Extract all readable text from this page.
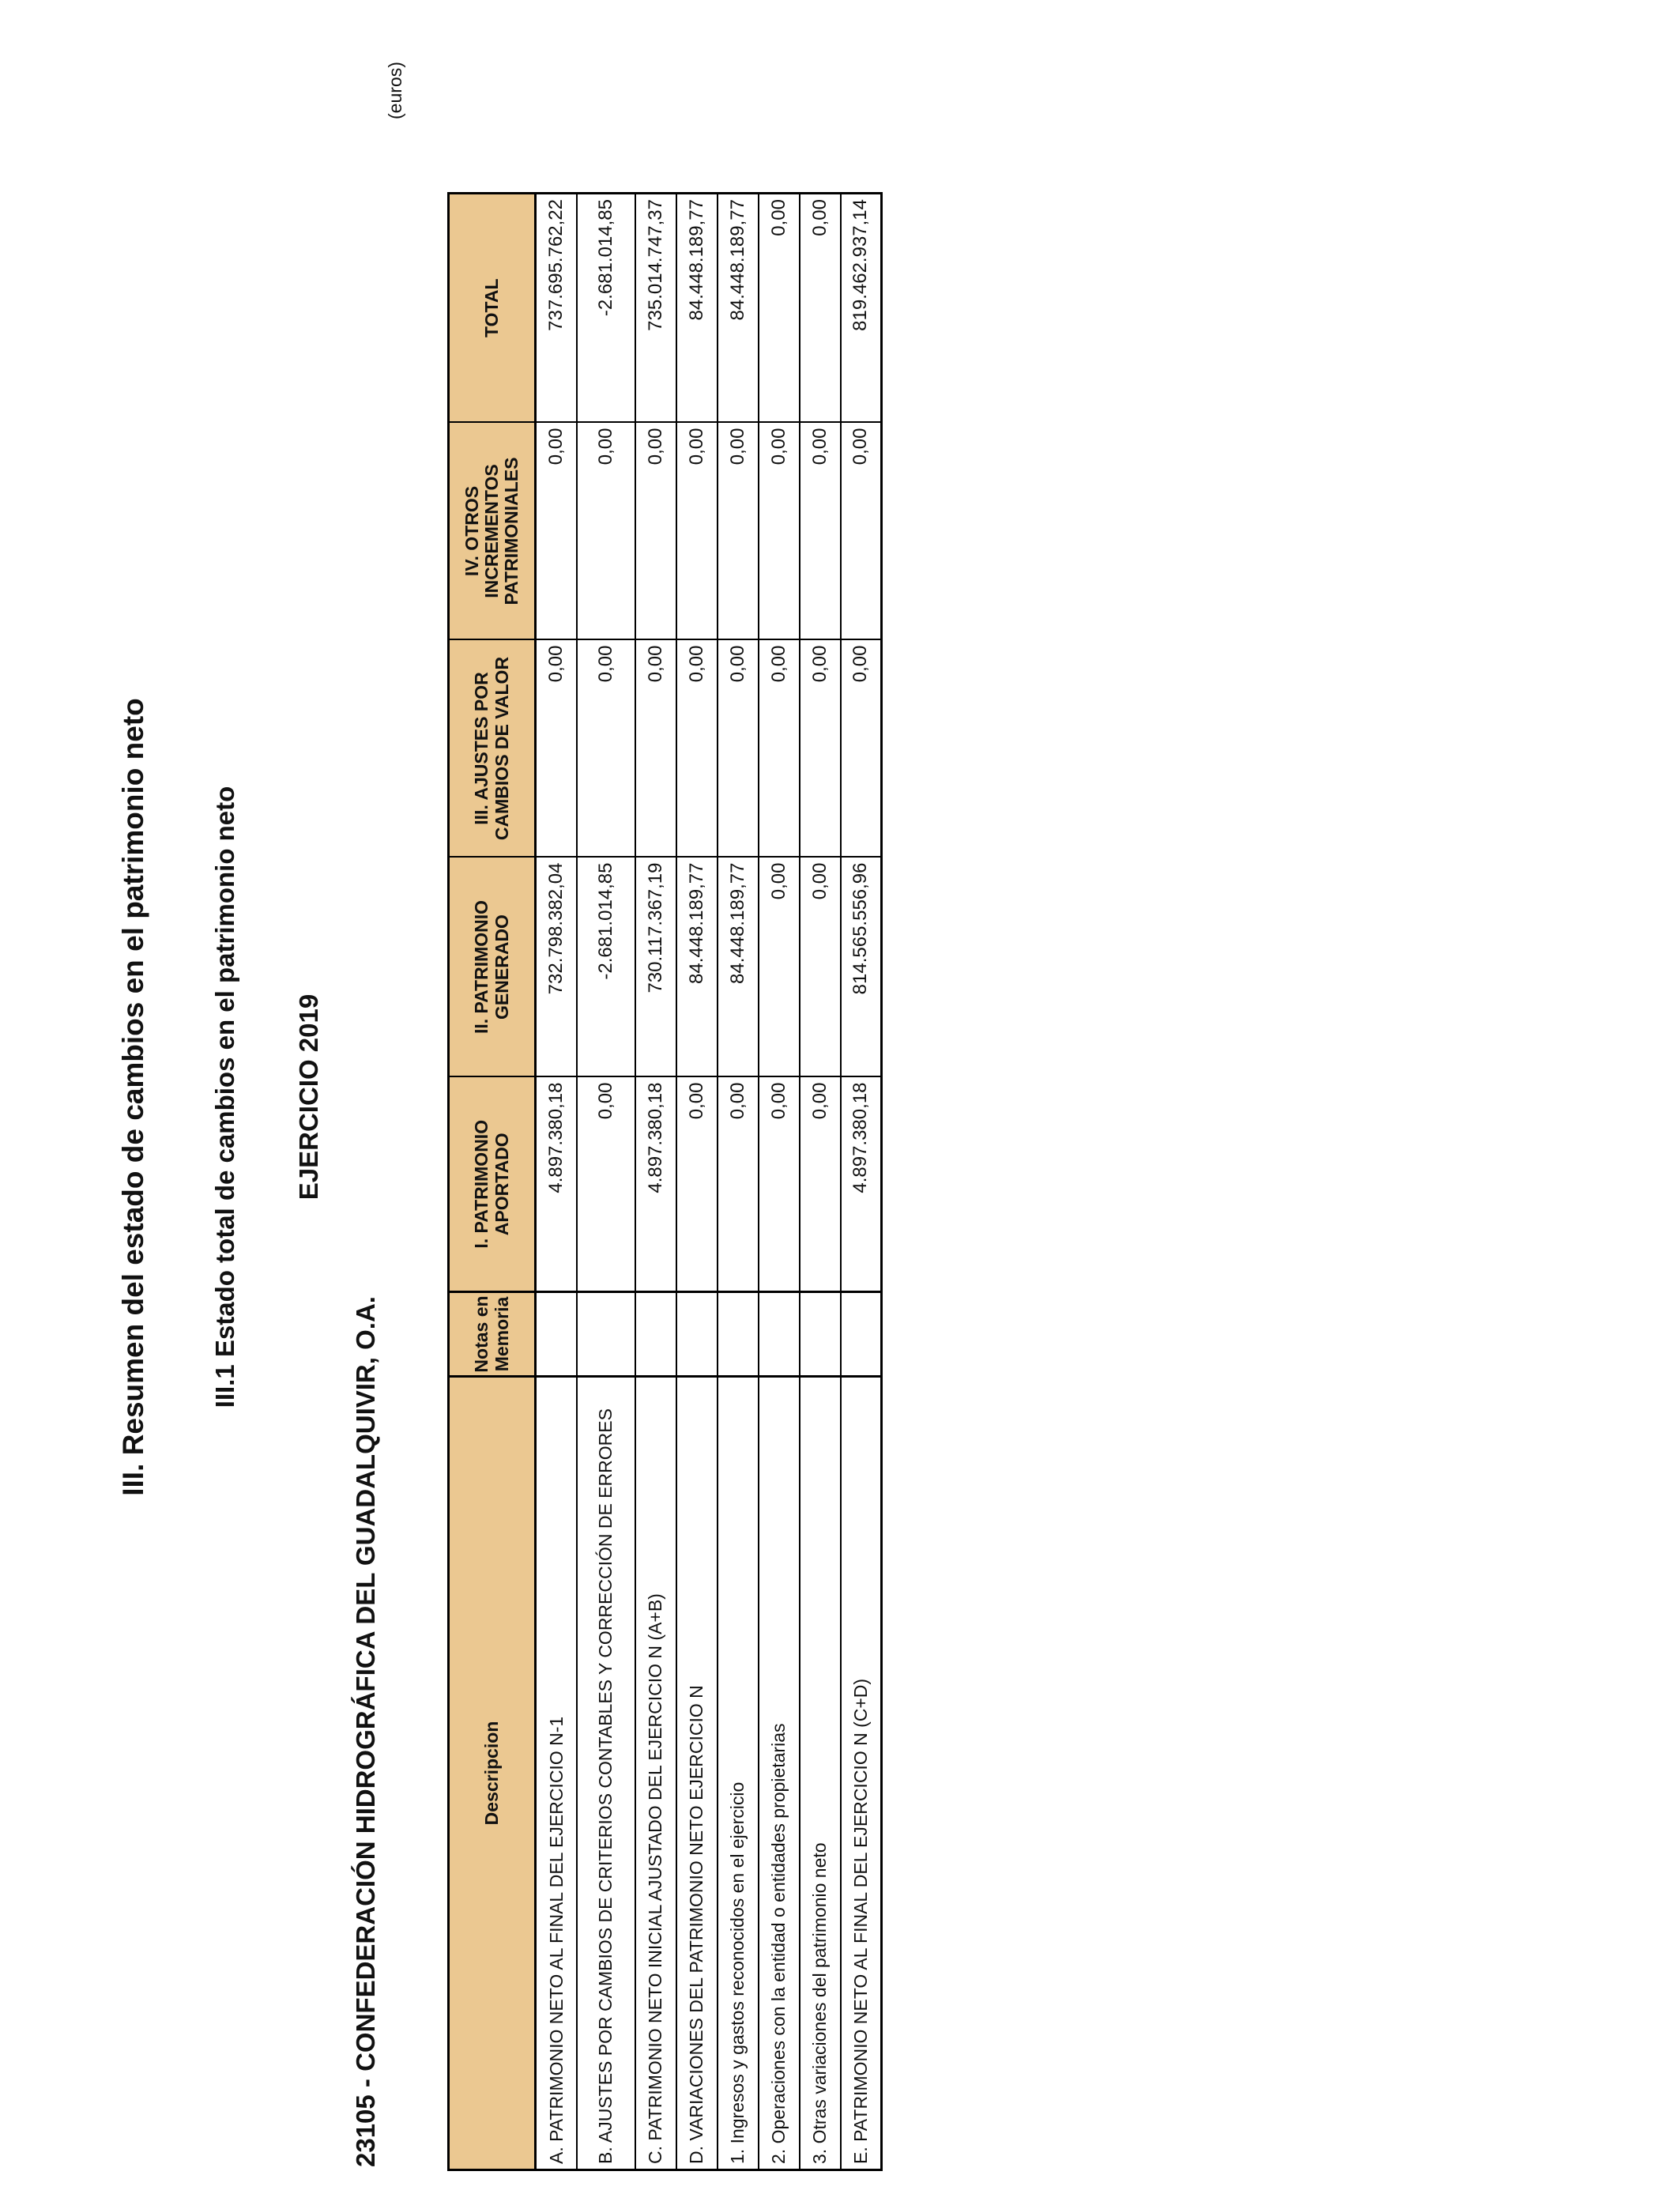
III. Resumen del estado de cambios en el patrimonio neto III.1 Estado total de cambios en el patrimonio neto EJERCICIO 2019
23105 - CONFEDERACIÓN HIDROGRÁFICA DEL GUADALQUIVIR, O.A.
(euros)
Descripcion	Notas en Memoria	I. PATRIMONIO APORTADO	II. PATRIMONIO GENERADO	III. AJUSTES POR CAMBIOS DE VALOR	IV. OTROS INCREMENTOS PATRIMONIALES	TOTAL
A. PATRIMONIO NETO AL FINAL DEL EJERCICIO N-1		4.897.380,18	732.798.382,04	0,00	0,00	737.695.762,22
B. AJUSTES POR CAMBIOS DE CRITERIOS CONTABLES Y CORRECCIÓN DE ERRORES		0,00	-2.681.014,85	0,00	0,00	-2.681.014,85
C. PATRIMONIO NETO INICIAL AJUSTADO DEL EJERCICIO N (A+B)		4.897.380,18	730.117.367,19	0,00	0,00	735.014.747,37
D. VARIACIONES DEL PATRIMONIO NETO EJERCICIO N		0,00	84.448.189,77	0,00	0,00	84.448.189,77
1. Ingresos y gastos reconocidos en el ejercicio		0,00	84.448.189,77	0,00	0,00	84.448.189,77
2. Operaciones con la entidad o entidades propietarias		0,00	0,00	0,00	0,00	0,00
3. Otras variaciones del patrimonio neto		0,00	0,00	0,00	0,00	0,00
E. PATRIMONIO NETO AL FINAL DEL EJERCICIO N (C+D)		4.897.380,18	814.565.556,96	0,00	0,00	819.462.937,14
